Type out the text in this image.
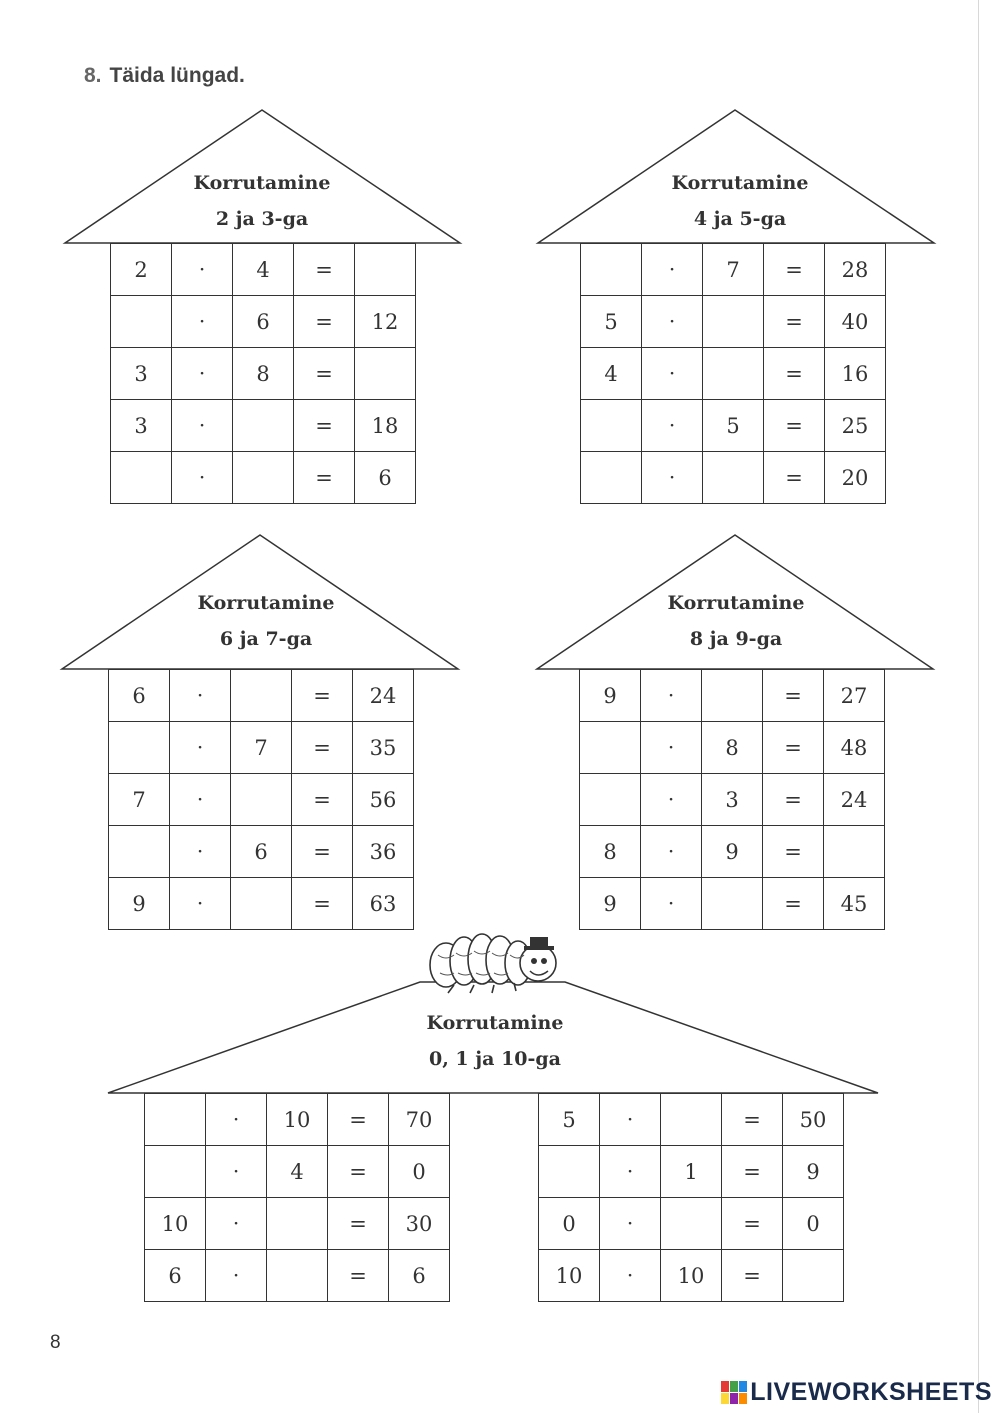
8. Täida lüngad.
Korrutamine
2 ja 3-ga
Korrutamine
4 ja 5-ga
Korrutamine
6 ja 7-ga
Korrutamine
8 ja 9-ga
Korrutamine
0, 1 ja 10-ga
2	·	4	=	
	·	6	=	12
3	·	8	=	
3	·		=	18
	·		=	6
	·	7	=	28
5	·		=	40
4	·		=	16
	·	5	=	25
	·		=	20
6	·		=	24
	·	7	=	35
7	·		=	56
	·	6	=	36
9	·		=	63
9	·		=	27
	·	8	=	48
	·	3	=	24
8	·	9	=	
9	·		=	45
	·	10	=	70
	·	4	=	0
10	·		=	30
6	·		=	6
5	·		=	50
	·	1	=	9
0	·		=	0
10	·	10	=	
8
LIVEWORKSHEETS
